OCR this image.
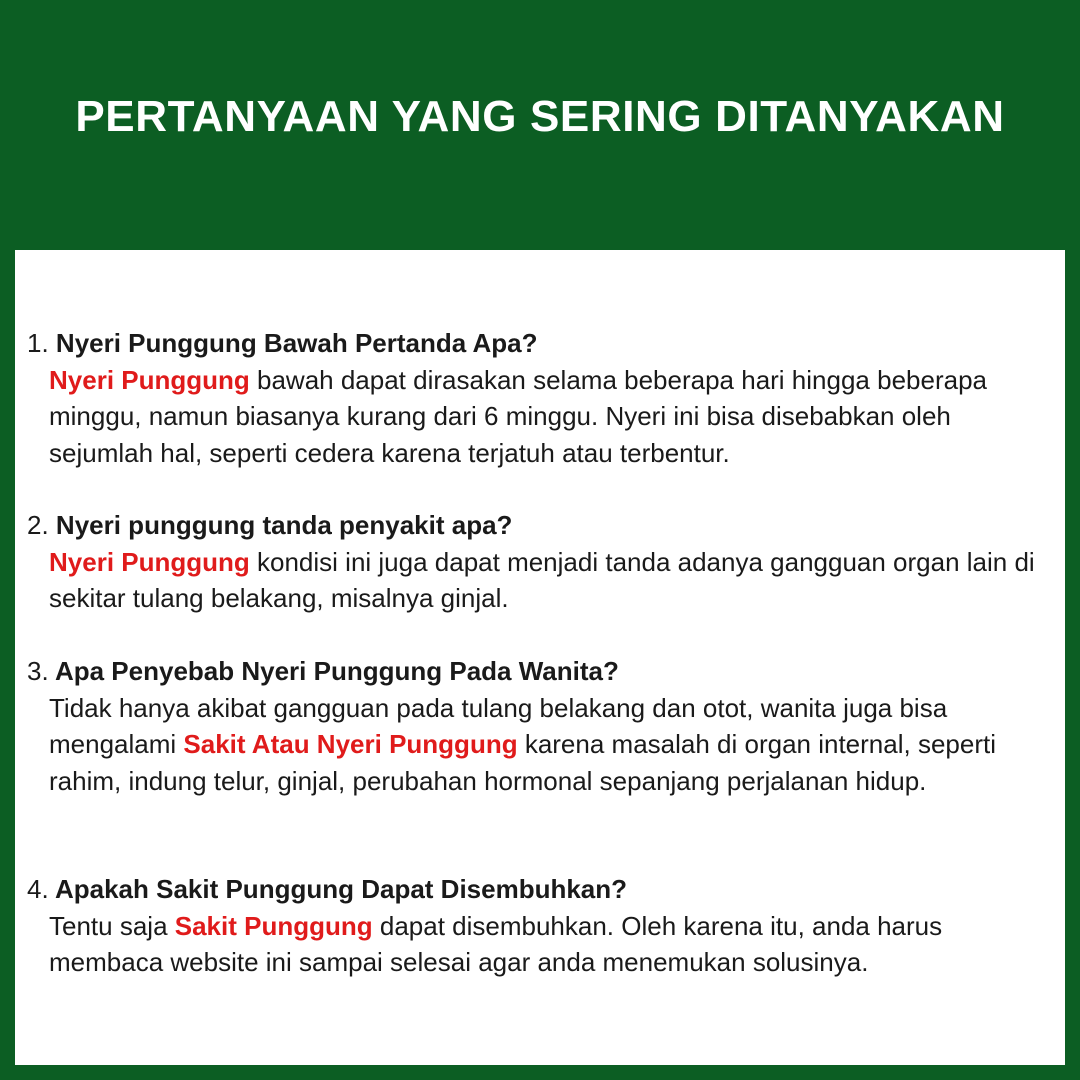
PERTANYAAN YANG SERING DITANYAKAN
1. Nyeri Punggung Bawah Pertanda Apa?
Nyeri Punggung bawah dapat dirasakan selama beberapa hari hingga beberapa minggu, namun biasanya kurang dari 6 minggu. Nyeri ini bisa disebabkan oleh sejumlah hal, seperti cedera karena terjatuh atau terbentur.
2. Nyeri punggung tanda penyakit apa?
Nyeri Punggung kondisi ini juga dapat menjadi tanda adanya gangguan organ lain di sekitar tulang belakang, misalnya ginjal.
3. Apa Penyebab Nyeri Punggung Pada Wanita?
Tidak hanya akibat gangguan pada tulang belakang dan otot, wanita juga bisa mengalami Sakit Atau Nyeri Punggung karena masalah di organ internal, seperti rahim, indung telur, ginjal, perubahan hormonal sepanjang perjalanan hidup.
4. Apakah Sakit Punggung Dapat Disembuhkan?
Tentu saja Sakit Punggung dapat disembuhkan. Oleh karena itu, anda harus membaca website ini sampai selesai agar anda menemukan solusinya.
